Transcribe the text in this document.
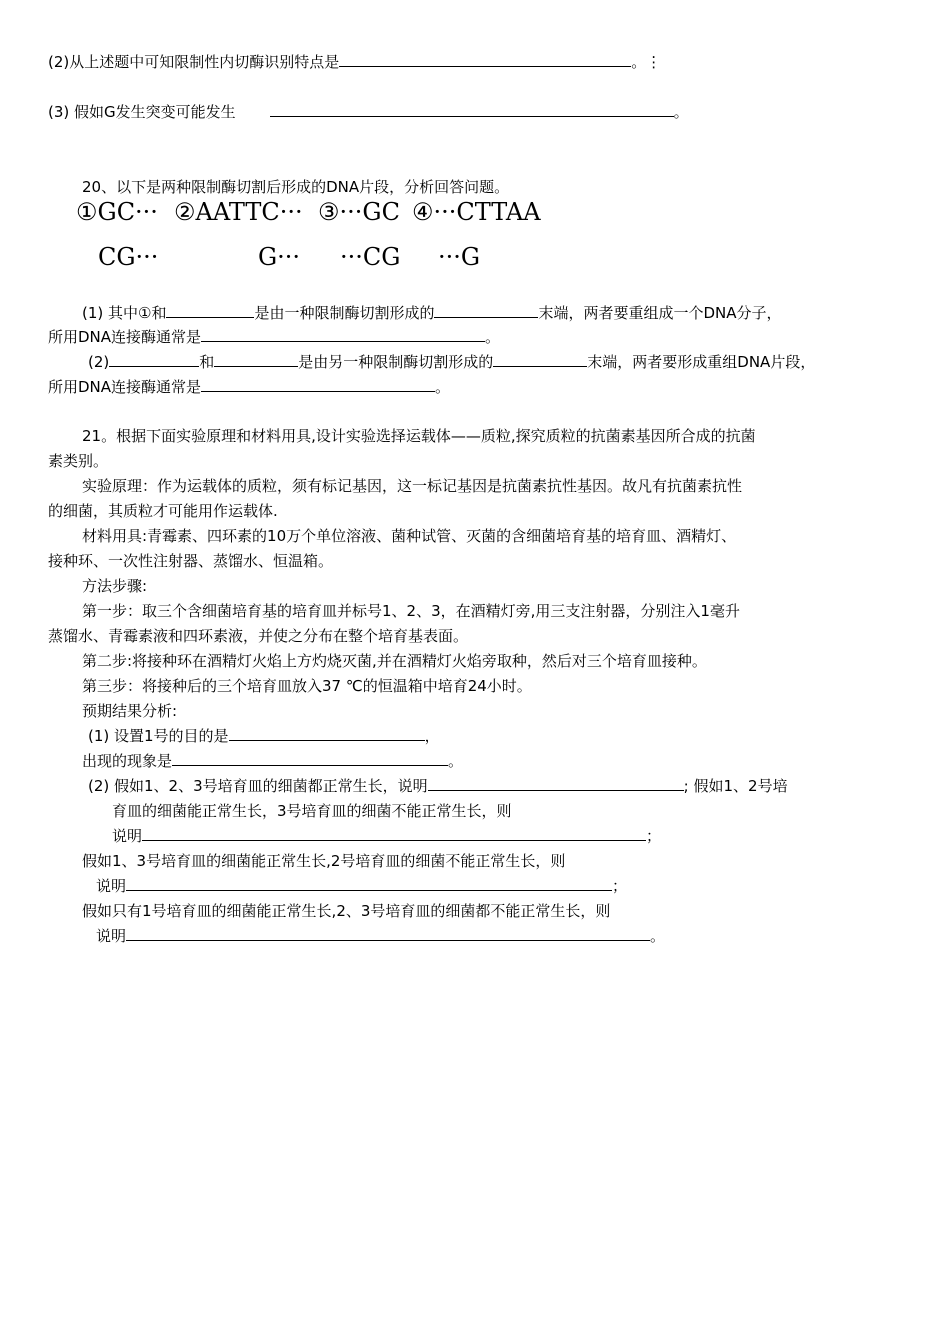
(2)从上述题中可知限制性内切酶识别特点是	。⋮
(3) 假如G发生突变可能发生	。
20、以下是两种限制酶切割后形成的DNA片段，分析回答问题。
①GC··· ②AATTC··· ③···GC ④···CTTAA
CG···	G··· ···CG ···G
(1) 其中①和	是由一种限制酶切割形成的	末端，两者要重组成一个DNA分子，
所用DNA连接酶通常是	。
(2)	和	是由另一种限制酶切割形成的	末端，两者要形成重组DNA片段，
所用DNA连接酶通常是	。
21。根据下面实验原理和材料用具,设计实验选择运载体——质粒,探究质粒的抗菌素基因所合成的抗菌
素类别。
实验原理：作为运载体的质粒，须有标记基因，这一标记基因是抗菌素抗性基因。故凡有抗菌素抗性
的细菌，其质粒才可能用作运载体.
材料用具:青霉素、四环素的10万个单位溶液、菌种试管、灭菌的含细菌培育基的培育皿、酒精灯、
接种环、一次性注射器、蒸馏水、恒温箱。
方法步骤:
第一步：取三个含细菌培育基的培育皿并标号1、2、3，在酒精灯旁,用三支注射器，分别注入1毫升
蒸馏水、青霉素液和四环素液，并使之分布在整个培育基表面。
第二步:将接种环在酒精灯火焰上方灼烧灭菌,并在酒精灯火焰旁取种，然后对三个培育皿接种。
第三步：将接种后的三个培育皿放入37 ℃的恒温箱中培育24小时。
预期结果分析:
(1) 设置1号的目的是	，
出现的现象是	。
(2) 假如1、2、3号培育皿的细菌都正常生长，说明	; 假如1、2号培
育皿的细菌能正常生长，3号培育皿的细菌不能正常生长，则
说明	；
假如1、3号培育皿的细菌能正常生长,2号培育皿的细菌不能正常生长，则
说明	；
假如只有1号培育皿的细菌能正常生长,2、3号培育皿的细菌都不能正常生长，则
说明	。
